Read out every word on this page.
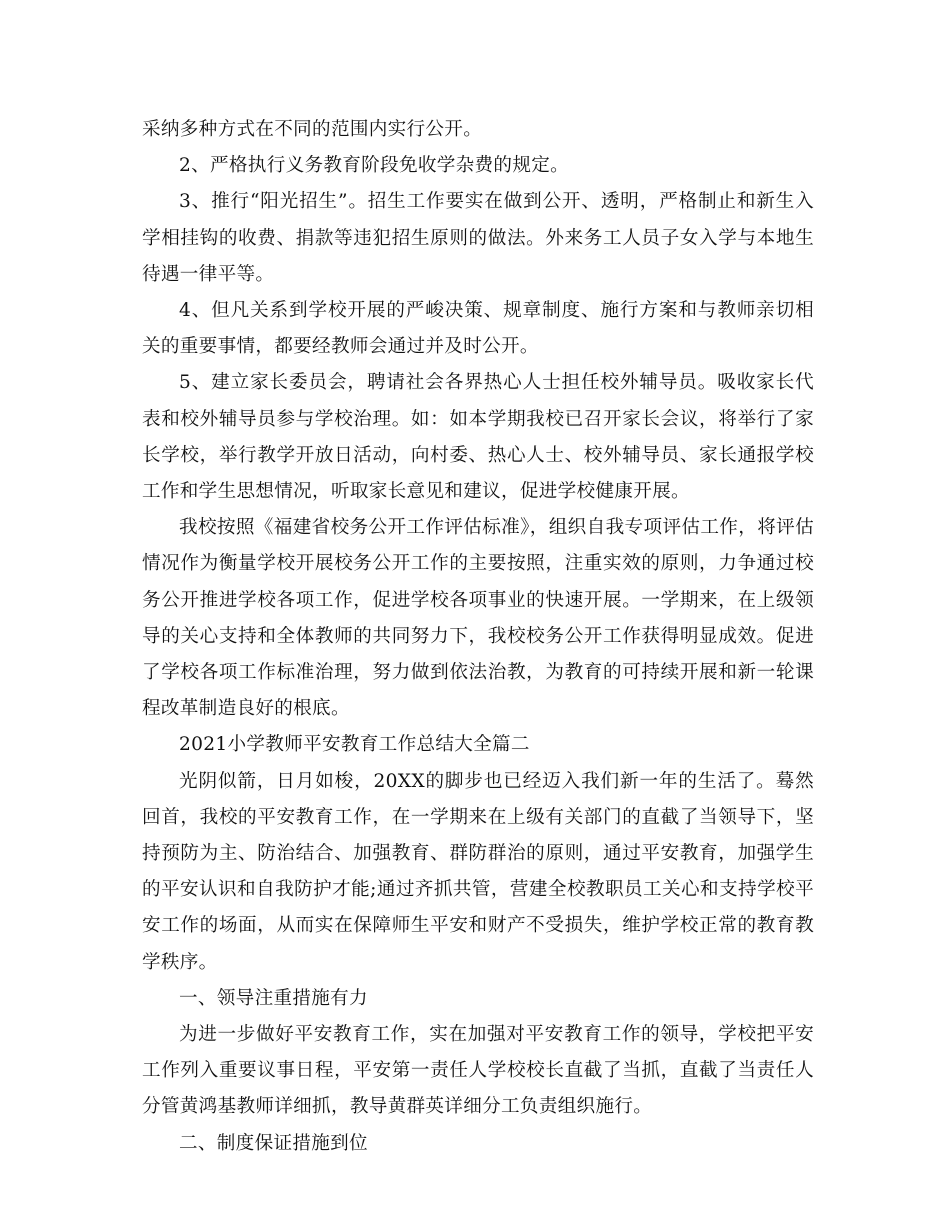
采纳多种方式在不同的范围内实行公开。

2、严格执行义务教育阶段免收学杂费的规定。

3、推行“阳光招生”。招生工作要实在做到公开、透明，严格制止和新生入学相挂钩的收费、捐款等违犯招生原则的做法。外来务工人员子女入学与本地生待遇一律平等。

4、但凡关系到学校开展的严峻决策、规章制度、施行方案和与教师亲切相关的重要事情，都要经教师会通过并及时公开。

5、建立家长委员会，聘请社会各界热心人士担任校外辅导员。吸收家长代表和校外辅导员参与学校治理。如：如本学期我校已召开家长会议，将举行了家长学校，举行教学开放日活动，向村委、热心人士、校外辅导员、家长通报学校工作和学生思想情况，听取家长意见和建议，促进学校健康开展。

我校按照《福建省校务公开工作评估标准》，组织自我专项评估工作，将评估情况作为衡量学校开展校务公开工作的主要按照，注重实效的原则，力争通过校务公开推进学校各项工作，促进学校各项事业的快速开展。一学期来，在上级领导的关心支持和全体教师的共同努力下，我校校务公开工作获得明显成效。促进了学校各项工作标准治理，努力做到依法治教，为教育的可持续开展和新一轮课程改革制造良好的根底。

2021小学教师平安教育工作总结大全篇二

光阴似箭，日月如梭，20XX的脚步也已经迈入我们新一年的生活了。蓦然回首，我校的平安教育工作，在一学期来在上级有关部门的直截了当领导下，坚持预防为主、防治结合、加强教育、群防群治的原则，通过平安教育，加强学生的平安认识和自我防护才能;通过齐抓共管，营建全校教职员工关心和支持学校平安工作的场面，从而实在保障师生平安和财产不受损失，维护学校正常的教育教学秩序。

一、领导注重措施有力

为进一步做好平安教育工作，实在加强对平安教育工作的领导，学校把平安工作列入重要议事日程，平安第一责任人学校校长直截了当抓，直截了当责任人分管黄鸿基教师详细抓，教导黄群英详细分工负责组织施行。

二、制度保证措施到位
